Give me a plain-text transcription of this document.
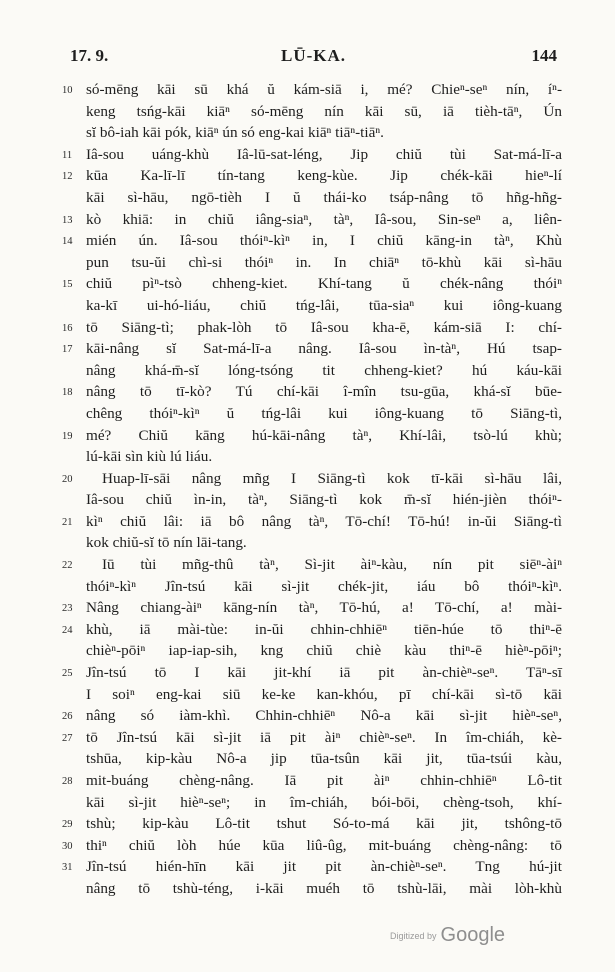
17. 9.	LŪ-KA.	144
10 só-mēng kāi sū khá ŭ kám-siā i, mé? Chieⁿ-seⁿ nín, íⁿ-
keng tsńg-kāi kiāⁿ só-mēng nín kāi sū, iā tièh-tāⁿ, Ún
sĭ bô-iah kāi pók, kiāⁿ ún só eng-kai kiāⁿ tiāⁿ-tiāⁿ.
11 Iâ-sou uáng-khù Iâ-lū-sat-léng, Jip chiŭ tùi Sat-má-lī-a
12 kūa Ka-lī-lī tín-tang keng-kùe. Jip chék-kāi hieⁿ-lí
kāi sì-hāu, ngō-tièh I ŭ thái-ko tsáp-nâng tō hñg-hñg-
13 kò khiā: in chiŭ iâng-siaⁿ, tàⁿ, Iâ-sou, Sin-seⁿ a, liên-
14 mién ún. Iâ-sou thóiⁿ-kìⁿ in, I chiŭ kāng-in tàⁿ, Khù
pun tsu-ŭi chì-si thóiⁿ in. In chiāⁿ tō-khù kāi sì-hāu
15 chiŭ pìⁿ-tsò chheng-kiet. Khí-tang ŭ chék-nâng thóiⁿ
ka-kī ui-hó-liáu, chiŭ tńg-lâi, tūa-siaⁿ kui iông-kuang
16 tō Siāng-tì; phak-lòh tō Iâ-sou kha-ē, kám-siā I: chí-
17 kāi-nâng sĭ Sat-má-lī-a nâng. Iâ-sou ìn-tàⁿ, Hú tsap-
nâng khá-m̄-sĭ lóng-tsóng tit chheng-kiet? hú káu-kāi
18 nâng tō tī-kò? Tú chí-kāi î-mîn tsu-gūa, khá-sĭ būe-
chêng thóiⁿ-kìⁿ ŭ tńg-lâi kui iông-kuang tō Siāng-tì,
19 mé? Chiŭ kāng hú-kāi-nâng tàⁿ, Khí-lâi, tsò-lú khù;
lú-kāi sìn kiù lú liáu.
20	Huap-lī-sāi nâng mñg I Siāng-tì kok tī-kāi sì-hāu lâi,
Iâ-sou chiŭ ìn-in, tàⁿ, Siāng-tì kok m̄-sĭ hién-jièn thóiⁿ-
21 kìⁿ chiŭ lâi: iā bô nâng tàⁿ, Tō-chí! Tō-hú! in-ŭi Siāng-tì
kok chiŭ-sĭ tō nín lāi-tang.
22	Iū tùi mñg-thû tàⁿ, Sì-jit àiⁿ-kàu, nín pit siēⁿ-àiⁿ
thóiⁿ-kìⁿ Jîn-tsú kāi sì-jit chék-jit, iáu bô thóiⁿ-kìⁿ.
23 Nâng chiang-àiⁿ kāng-nín tàⁿ, Tō-hú, a! Tō-chí, a! mài-
24 khù, iā mài-tùe: in-ŭi chhin-chhiēⁿ tiēn-húe tō thiⁿ-ē
chièⁿ-pōiⁿ iap-iap-sih, kng chiŭ chiè kàu thiⁿ-ē hièⁿ-pōiⁿ;
25 Jîn-tsú tō I kāi jit-khí iā pit àn-chièⁿ-seⁿ. Tāⁿ-sī
I soiⁿ eng-kai siū ke-ke kan-khóu, pī chí-kāi sì-tō kāi
26 nâng só iàm-khì. Chhin-chhiēⁿ Nô-a kāi sì-jit hièⁿ-seⁿ,
27 tō Jîn-tsú kāi sì-jit iā pit àiⁿ chièⁿ-seⁿ. In îm-chiáh, kè-
tshūa, kip-kàu Nô-a jip tūa-tsûn kāi jit, tūa-tsúi kàu,
28 mit-buáng chèng-nâng. Iā pit àiⁿ chhin-chhiēⁿ Lô-tit
kāi sì-jit hièⁿ-seⁿ; in îm-chiáh, bói-bōi, chèng-tsoh, khí-
29 tshù; kip-kàu Lô-tit tshut Só-to-má kāi jit, tshông-tō
30 thiⁿ chiŭ lòh húe kūa liû-ûg, mit-buáng chèng-nâng: tō
31 Jîn-tsú hién-hīn kāi jit pit àn-chièⁿ-seⁿ. Tng hú-jit
nâng tō tshù-téng, i-kāi muéh tō tshù-lāi, mài lòh-khù
Digitized by Google
